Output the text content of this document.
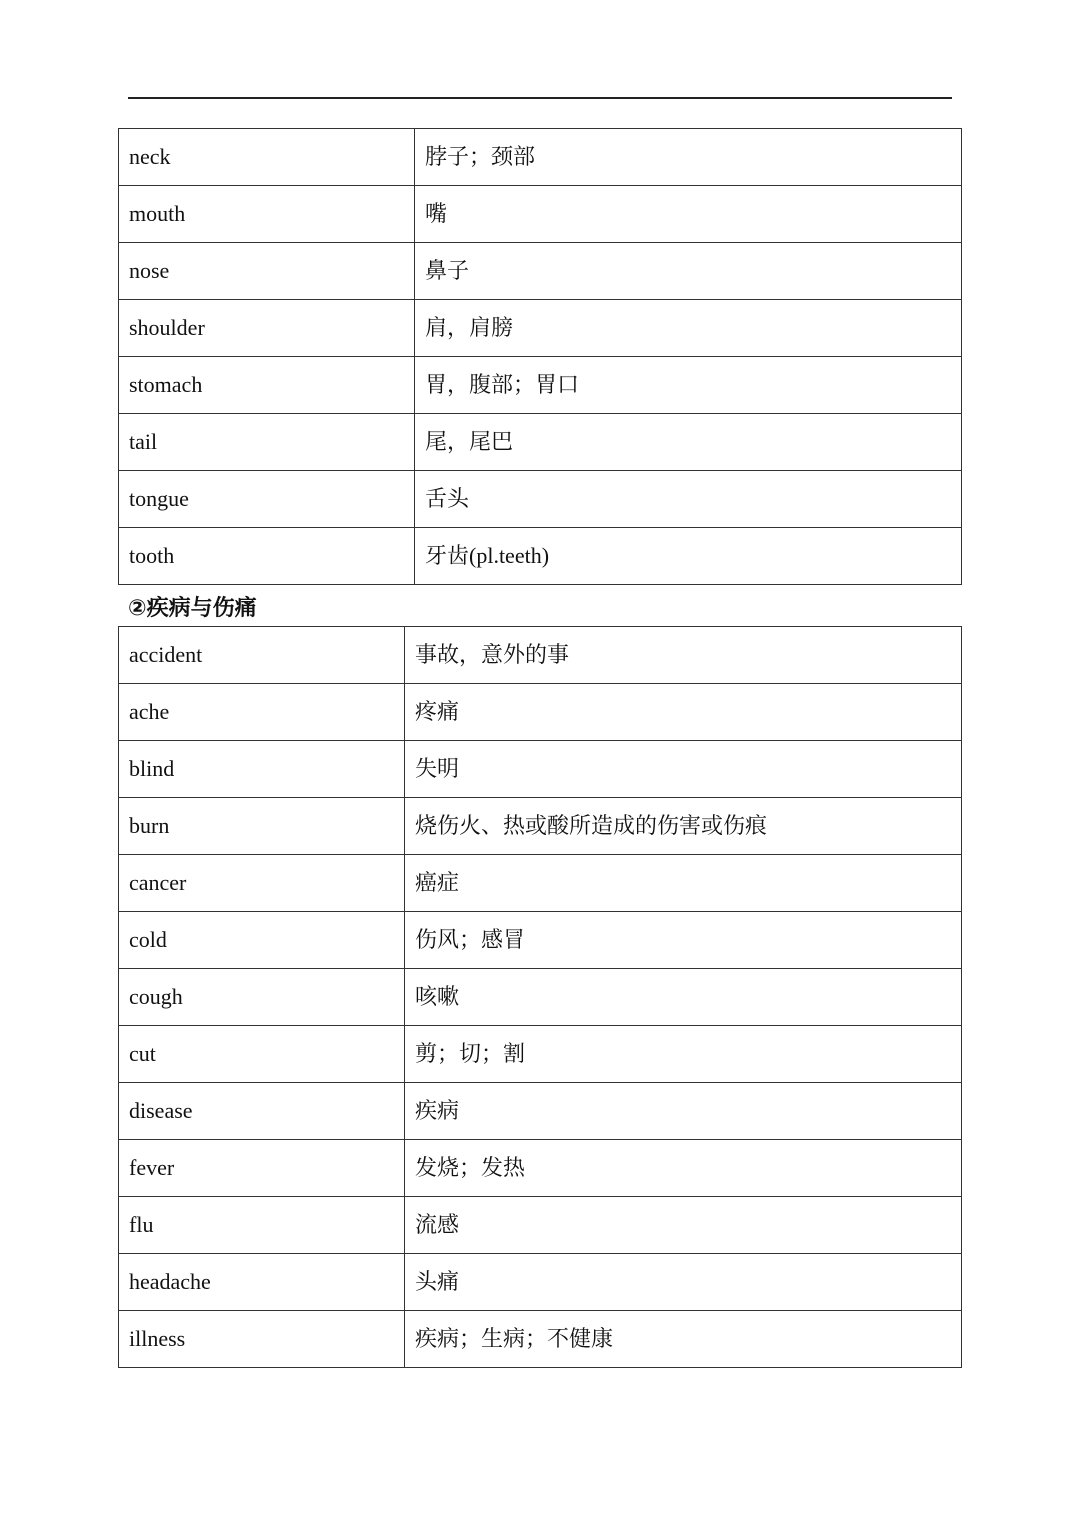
neck	脖子；颈部
mouth	嘴
nose	鼻子
shoulder	肩，肩膀
stomach	胃，腹部；胃口
tail	尾，尾巴
tongue	舌头
tooth	牙齿(pl.teeth)
②疾病与伤痛
accident	事故，意外的事
ache	疼痛
blind	失明
burn	烧伤火、热或酸所造成的伤害或伤痕
cancer	癌症
cold	伤风；感冒
cough	咳嗽
cut	剪；切；割
disease	疾病
fever	发烧；发热
flu	流感
headache	头痛
illness	疾病；生病；不健康
